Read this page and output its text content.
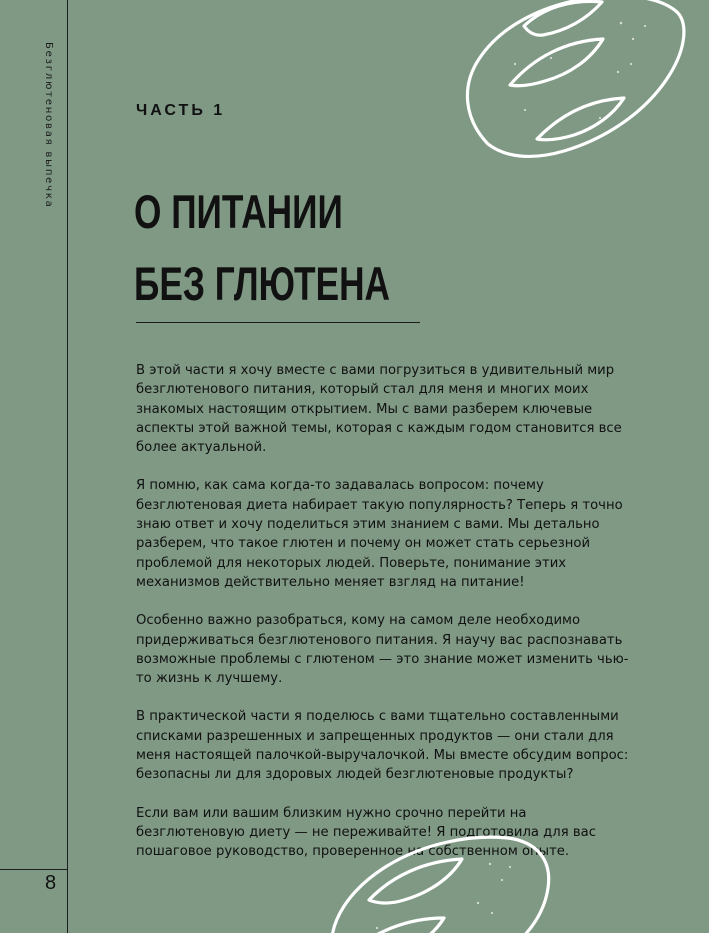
Безглютеновая выпечка
8
ЧАСТЬ 1
О ПИТАНИИ
БЕЗ ГЛЮТЕНА

В этой части я хочу вместе с вами погрузиться в удивительный мир безглютенового питания, который стал для меня и многих моих знакомых настоящим открытием. Мы с вами разберем ключевые аспекты этой важной темы, которая с каждым годом становится все более актуальной.

Я помню, как сама когда-то задавалась вопросом: почему безглютеновая диета набирает такую популярность? Теперь я точно знаю ответ и хочу поделиться этим знанием с вами. Мы детально разберем, что такое глютен и почему он может стать серьезной проблемой для некоторых людей. Поверьте, понимание этих механизмов действительно меняет взгляд на питание!

Особенно важно разобраться, кому на самом деле необходимо придерживаться безглютенового питания. Я научу вас распознавать возможные проблемы с глютеном — это знание может изменить чью-то жизнь к лучшему.

В практической части я поделюсь с вами тщательно составленными списками разрешенных и запрещенных продуктов — они стали для меня настоящей палочкой-выручалочкой. Мы вместе обсудим вопрос: безопасны ли для здоровых людей безглютеновые продукты?

Если вам или вашим близким нужно срочно перейти на безглютеновую диету — не переживайте! Я подготовила для вас пошаговое руководство, проверенное на собственном опыте.
